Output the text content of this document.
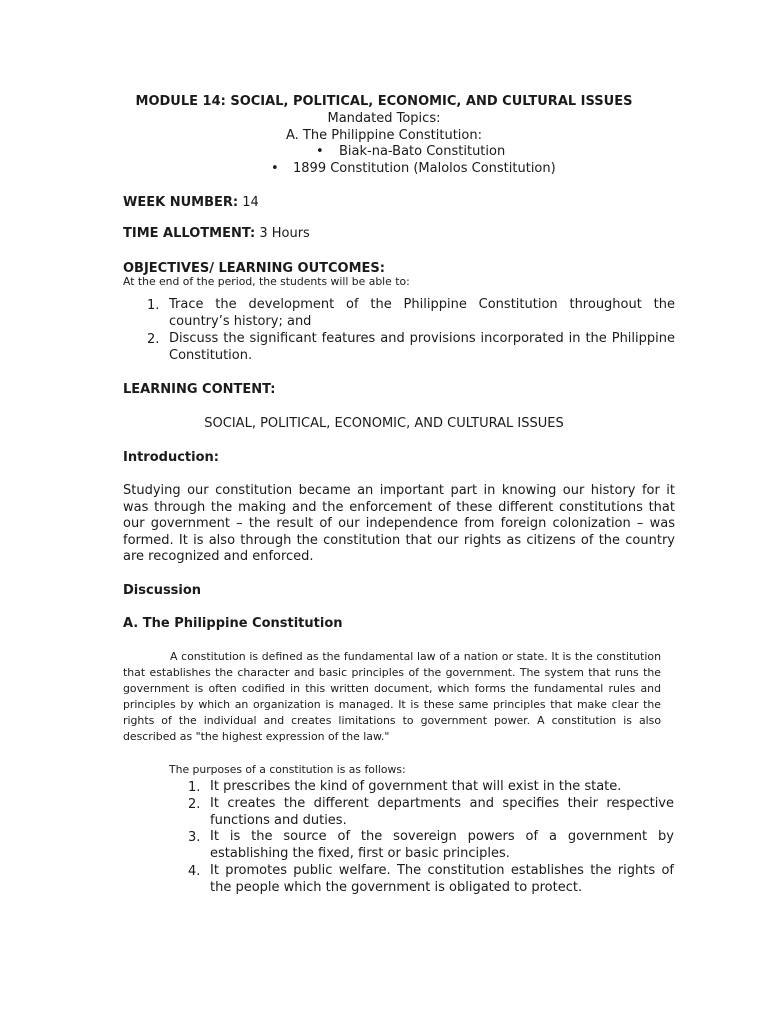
MODULE 14: SOCIAL, POLITICAL, ECONOMIC, AND CULTURAL ISSUES
Mandated Topics:
A. The Philippine Constitution:
• Biak-na-Bato Constitution
• 1899 Constitution (Malolos Constitution)
WEEK NUMBER: 14
TIME ALLOTMENT: 3 Hours
OBJECTIVES/ LEARNING OUTCOMES:
At the end of the period, the students will be able to:
1. Trace the development of the Philippine Constitution throughout the country’s history; and
2. Discuss the significant features and provisions incorporated in the Philippine Constitution.
LEARNING CONTENT:
SOCIAL, POLITICAL, ECONOMIC, AND CULTURAL ISSUES
Introduction:
Studying our constitution became an important part in knowing our history for it was through the making and the enforcement of these different constitutions that our government – the result of our independence from foreign colonization – was formed. It is also through the constitution that our rights as citizens of the country are recognized and enforced.
Discussion
A. The Philippine Constitution
A constitution is defined as the fundamental law of a nation or state. It is the constitution that establishes the character and basic principles of the government. The system that runs the government is often codified in this written document, which forms the fundamental rules and principles by which an organization is managed. It is these same principles that make clear the rights of the individual and creates limitations to government power. A constitution is also described as "the highest expression of the law."
The purposes of a constitution is as follows:
1. It prescribes the kind of government that will exist in the state.
2. It creates the different departments and specifies their respective functions and duties.
3. It is the source of the sovereign powers of a government by establishing the fixed, first or basic principles.
4. It promotes public welfare. The constitution establishes the rights of the people which the government is obligated to protect.
